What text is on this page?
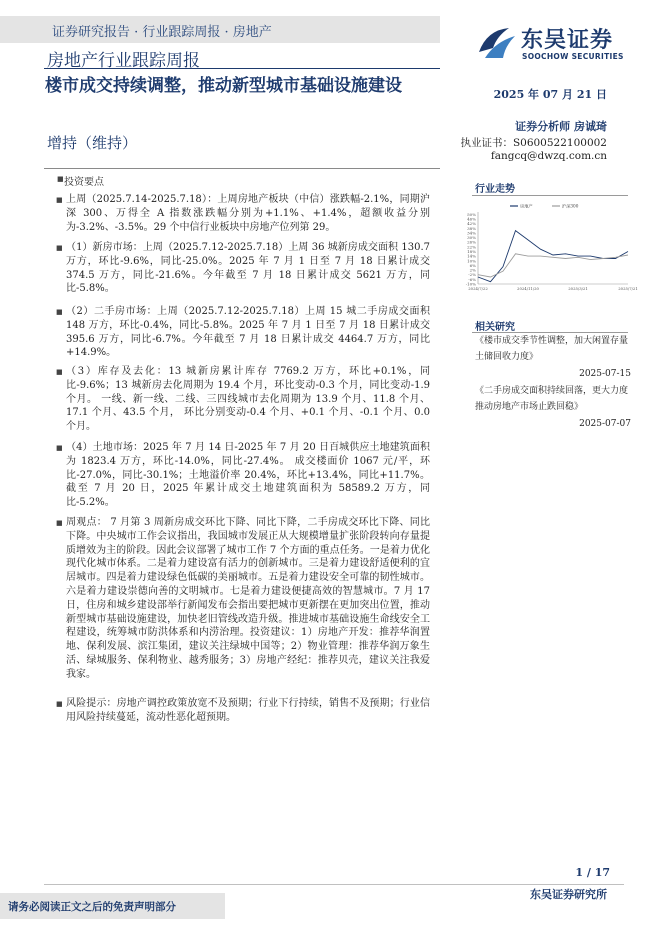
证券研究报告 · 行业跟踪周报 · 房地产
房地产行业跟踪周报
楼市成交持续调整，推动新型城市基础设施建设
增持（维持）
东吴证券
SOOCHOW SECURITIES
2025 年 07 月 21 日
证券分析师 房诚琦
执业证书：S0600522100002
fangcq@dwzq.com.cn
■ 投资要点
■ 上周（2025.7.14-2025.7.18）：上周房地产板块（中信）涨跌幅-2.1%，同期沪深 300、万得全 A 指数涨跌幅分别为+1.1%、+1.4%，超额收益分别为-3.2%、-3.5%。29 个中信行业板块中房地产位列第 29。
■ （1）新房市场：上周（2025.7.12-2025.7.18）上周 36 城新房成交面积 130.7 万方，环比-9.6%，同比-25.0%。2025 年 7 月 1 日至 7 月 18 日累计成交 374.5 万方，同比-21.6%。今年截至 7 月 18 日累计成交 5621 万方，同比-5.8%。
■ （2）二手房市场：上周（2025.7.12-2025.7.18）上周 15 城二手房成交面积 148 万方，环比-0.4%，同比-5.8%。2025 年 7 月 1 日至 7 月 18 日累计成交 395.6 万方，同比-6.7%。今年截至 7 月 18 日累计成交 4464.7 万方，同比+14.9%。
■ （3）库存及去化：13 城新房累计库存 7769.2 万方，环比+0.1%，同比-9.6%；13 城新房去化周期为 19.4 个月，环比变动-0.3 个月，同比变动-1.9 个月。 一线、新一线、二线、三四线城市去化周期为 13.9 个月、11.8 个月、17.1 个月、43.5 个月， 环比分别变动-0.4 个月、+0.1 个月、-0.1 个月、0.0 个月。
■ （4）土地市场：2025 年 7 月 14 日-2025 年 7 月 20 日百城供应土地建筑面积为 1823.4 万方，环比-14.0%，同比-27.4%。 成交楼面价 1067 元/平，环比-27.0%，同比-30.1%；土地溢价率 20.4%，环比+13.4%，同比+11.7%。截至 7 月 20 日，2025 年累计成交土地建筑面积为 58589.2 万方，同比-5.2%。
■ 周观点： 7 月第 3 周新房成交环比下降、同比下降，二手房成交环比下降、同比下降。中央城市工作会议指出，我国城市发展正从大规模增量扩张阶段转向存量提质增效为主的阶段。因此会议部署了城市工作 7 个方面的重点任务。一是着力优化现代化城市体系。二是着力建设富有活力的创新城市。三是着力建设舒适便利的宜居城市。四是着力建设绿色低碳的美丽城市。五是着力建设安全可靠的韧性城市。六是着力建设崇德向善的文明城市。七是着力建设便捷高效的智慧城市。7 月 17 日，住房和城乡建设部举行新闻发布会指出要把城市更新摆在更加突出位置，推动新型城市基础设施建设，加快老旧管线改造升级。推进城市基础设施生命线安全工程建设，统筹城市防洪体系和内涝治理。投资建议：1）房地产开发：推荐华润置地、保利发展、滨江集团，建议关注绿城中国等；2）物业管理：推荐华润万象生活、绿城服务、保利物业、越秀服务；3）房地产经纪：推荐贝壳，建议关注我爱我家。
■ 风险提示：房地产调控政策放宽不及预期；行业下行持续，销售不及预期；行业信用风险持续蔓延，流动性恶化超预期。
行业走势
-10%
-6%
-2%
2%
6%
10%
14%
18%
22%
26%
30%
34%
38%
42%
46%
50%
2024/7/22	2024/11/20	2025/3/21	2025/7/21
房地产	沪深300
相关研究
《楼市成交季节性调整，加大闲置存量土储回收力度》
2025-07-15
《二手房成交面积持续回落，更大力度推动房地产市场止跌回稳》
2025-07-07
1 / 17
请务必阅读正文之后的免责声明部分
东吴证券研究所
